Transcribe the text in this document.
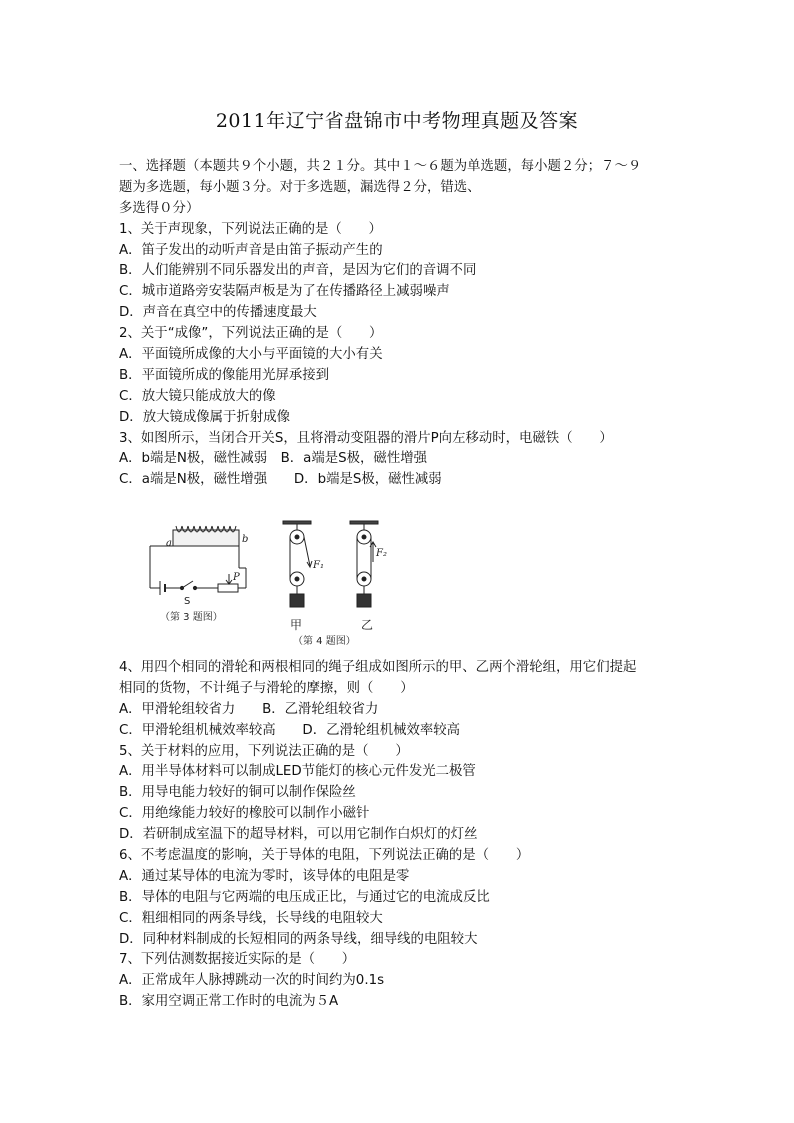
2011年辽宁省盘锦市中考物理真题及答案
一、选择题（本题共９个小题，共２１分。其中１～６题为单选题，每小题２分；７～９
题为多选题，每小题３分。对于多选题，漏选得２分，错选、
多选得０分）
1、关于声现象，下列说法正确的是（　　）
A．笛子发出的动听声音是由笛子振动产生的
B．人们能辨别不同乐器发出的声音，是因为它们的音调不同
C．城市道路旁安装隔声板是为了在传播路径上减弱噪声
D．声音在真空中的传播速度最大
2、关于“成像”，下列说法正确的是（　　）
A．平面镜所成像的大小与平面镜的大小有关
B．平面镜所成的像能用光屏承接到
C．放大镜只能成放大的像
D．放大镜成像属于折射成像
3、如图所示，当闭合开关S，且将滑动变阻器的滑片P向左移动时，电磁铁（　　）
A．b端是N极，磁性减弱　B．a端是S极，磁性增强
C．a端是N极，磁性增强　　D．b端是S极，磁性减弱
a	b
P
S
（第 3 题图）
F₁
甲
F₂
乙
（第 4 题图）
4、用四个相同的滑轮和两根相同的绳子组成如图所示的甲、乙两个滑轮组，用它们提起
相同的货物，不计绳子与滑轮的摩擦，则（　　）
A．甲滑轮组较省力　　B．乙滑轮组较省力
C．甲滑轮组机械效率较高　　D．乙滑轮组机械效率较高
5、关于材料的应用，下列说法正确的是（　　）
A．用半导体材料可以制成LED节能灯的核心元件发光二极管
B．用导电能力较好的铜可以制作保险丝
C．用绝缘能力较好的橡胶可以制作小磁针
D．若研制成室温下的超导材料，可以用它制作白炽灯的灯丝
6、不考虑温度的影响，关于导体的电阻，下列说法正确的是（　　）
A．通过某导体的电流为零时，该导体的电阻是零
B．导体的电阻与它两端的电压成正比，与通过它的电流成反比
C．粗细相同的两条导线，长导线的电阻较大
D．同种材料制成的长短相同的两条导线，细导线的电阻较大
7、下列估测数据接近实际的是（　　）
A．正常成年人脉搏跳动一次的时间约为0.1s
B．家用空调正常工作时的电流为５A
